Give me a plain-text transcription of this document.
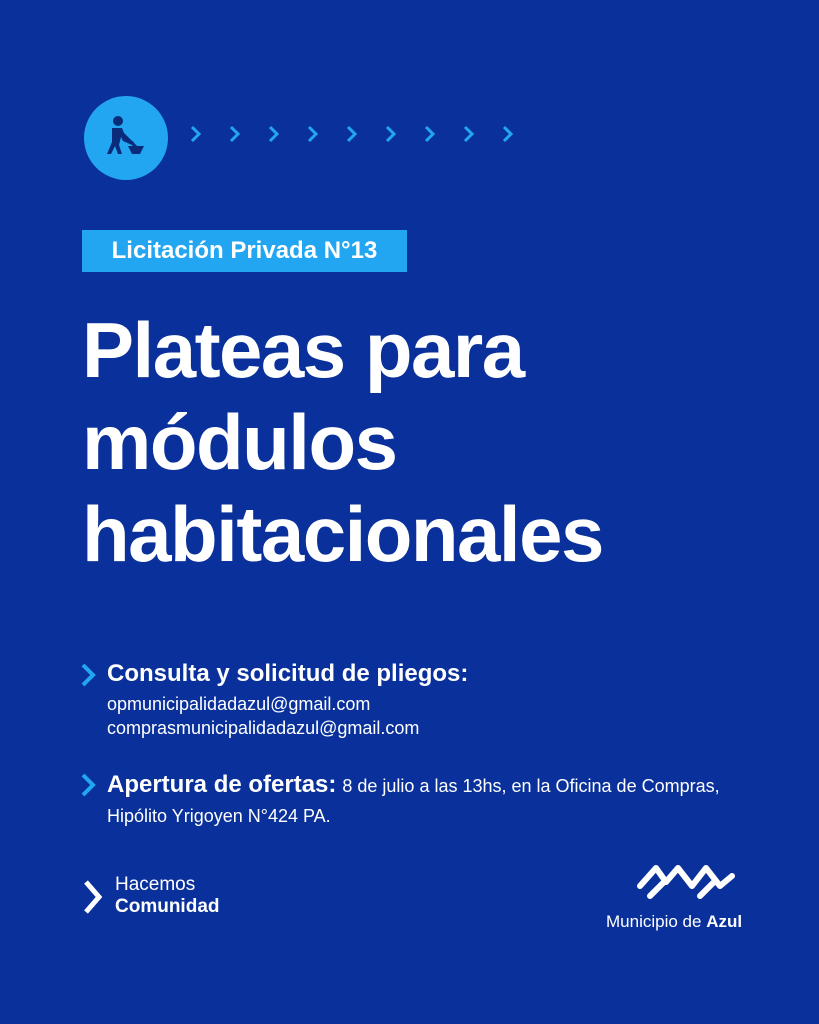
Licitación Privada N°13
Plateas para
módulos
habitacionales
Consulta y solicitud de pliegos:
opmunicipalidadazul@gmail.com
comprasmunicipalidadazul@gmail.com
Apertura de ofertas: 8 de julio a las 13hs, en la Oficina de Compras, Hipólito Yrigoyen N°424 PA.
Hacemos
Comunidad
Municipio de Azul
